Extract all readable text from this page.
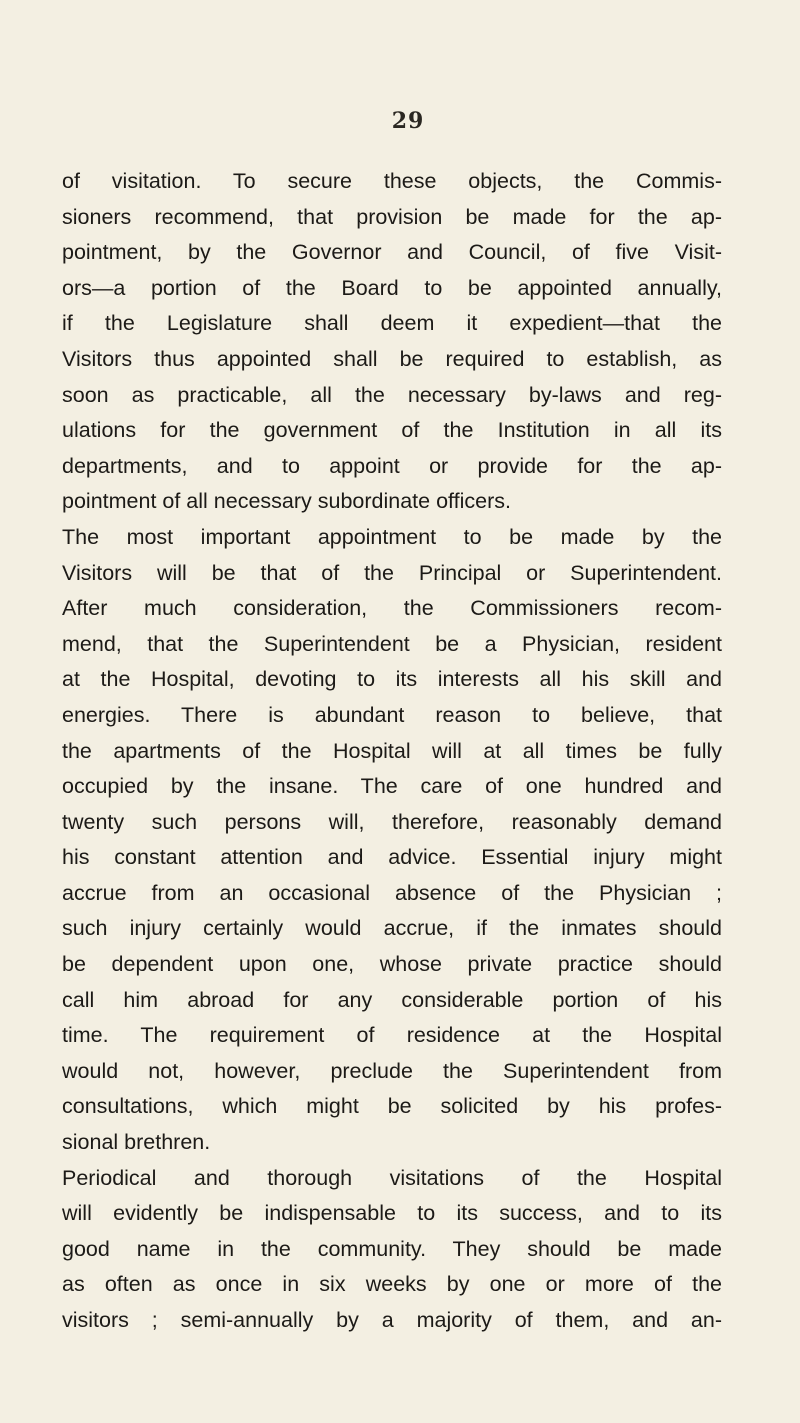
29
of visitation. To secure these objects, the Commis-
sioners recommend, that provision be made for the ap-
pointment, by the Governor and Council, of five Visit-
ors—a portion of the Board to be appointed annually,
if the Legislature shall deem it expedient—that the
Visitors thus appointed shall be required to establish, as
soon as practicable, all the necessary by-laws and reg-
ulations for the government of the Institution in all its
departments, and to appoint or provide for the ap-
pointment of all necessary subordinate officers.
The most important appointment to be made by the
Visitors will be that of the Principal or Superintendent.
After much consideration, the Commissioners recom-
mend, that the Superintendent be a Physician, resident
at the Hospital, devoting to its interests all his skill and
energies. There is abundant reason to believe, that
the apartments of the Hospital will at all times be fully
occupied by the insane. The care of one hundred and
twenty such persons will, therefore, reasonably demand
his constant attention and advice. Essential injury might
accrue from an occasional absence of the Physician ;
such injury certainly would accrue, if the inmates should
be dependent upon one, whose private practice should
call him abroad for any considerable portion of his
time. The requirement of residence at the Hospital
would not, however, preclude the Superintendent from
consultations, which might be solicited by his profes-
sional brethren.
Periodical and thorough visitations of the Hospital
will evidently be indispensable to its success, and to its
good name in the community. They should be made
as often as once in six weeks by one or more of the
visitors ; semi-annually by a majority of them, and an-
